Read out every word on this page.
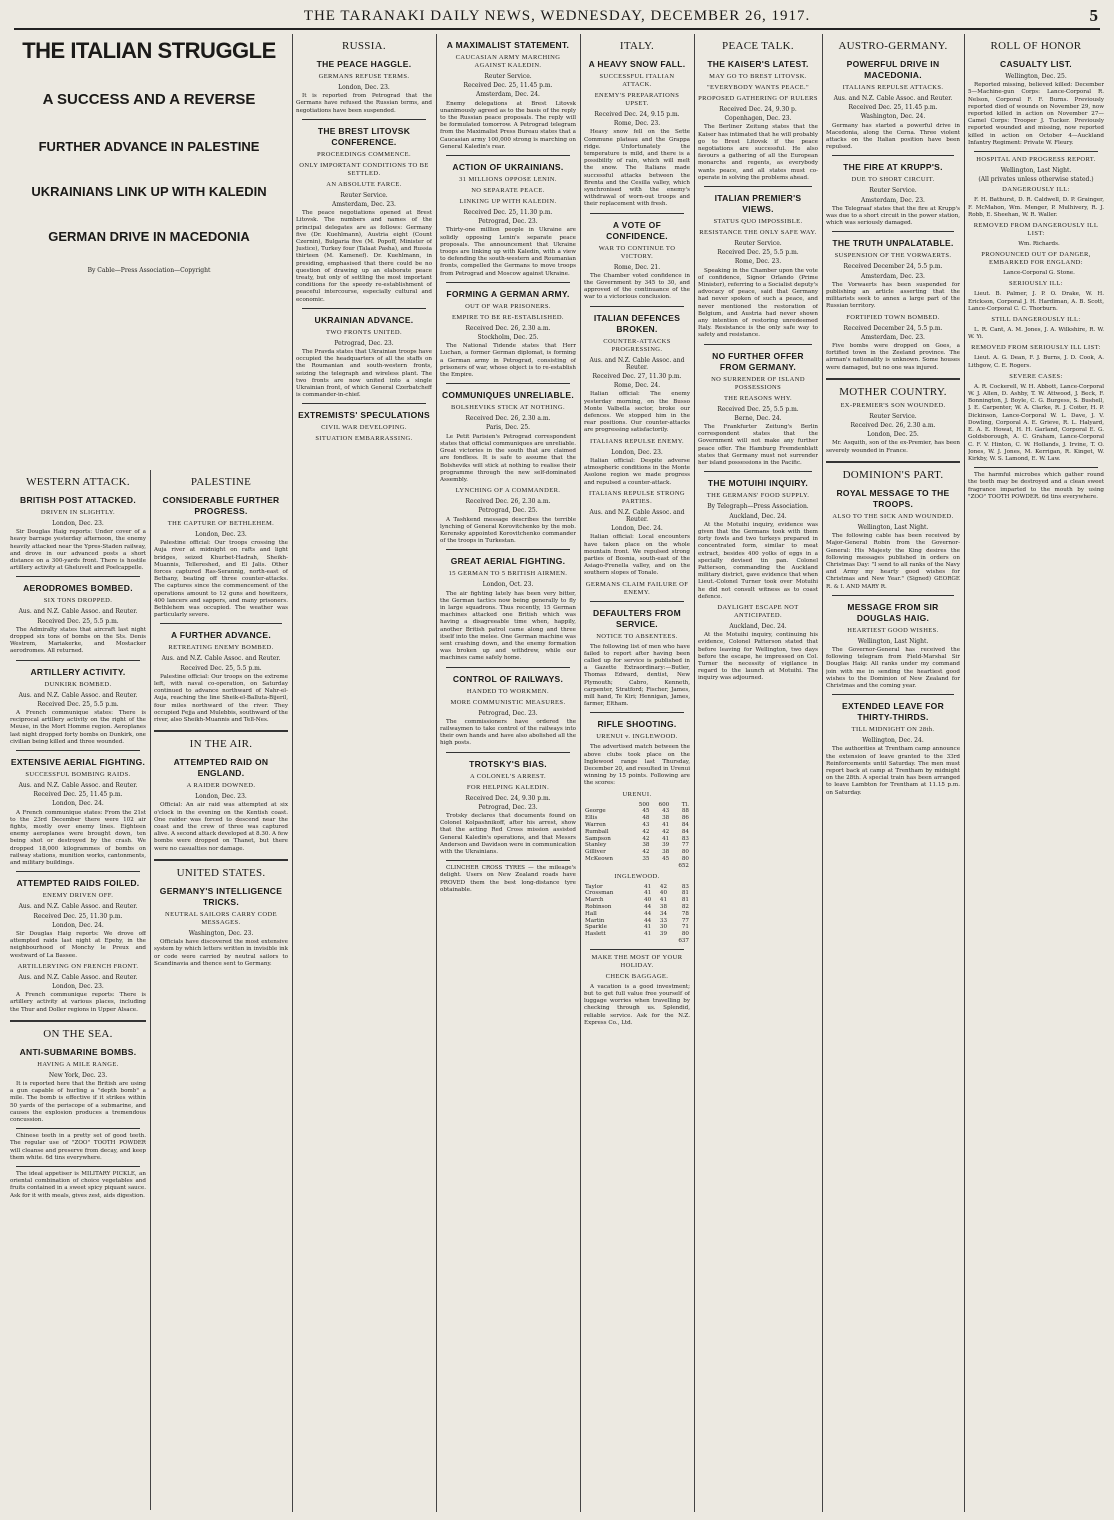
THE TARANAKI DAILY NEWS, WEDNESDAY, DECEMBER 26, 1917.	5
THE ITALIAN STRUGGLE
A SUCCESS AND A REVERSE
FURTHER ADVANCE IN PALESTINE
UKRAINIANS LINK UP WITH KALEDIN
GERMAN DRIVE IN MACEDONIA
By Cable—Press Association—Copyright
WESTERN ATTACK.
BRITISH POST ATTACKED.
DRIVEN IN SLIGHTLY.
London, Dec. 23.

Sir Douglas Haig reports: Under cover of a heavy barrage yesterday afternoon, the enemy heavily attacked near the Ypres-Staden railway, and drove in our advanced posts a short distance on a 300-yards front. There is hostile artillery activity at Gheluvelt and Poelcappelle.

AERODROMES BOMBED.
SIX TONS DROPPED.
Aus. and N.Z. Cable Assoc. and Reuter.
Received Dec. 25, 5.5 p.m.

The Admiralty states that aircraft last night dropped six tons of bombs on the Sts. Denis Westrem, Mariakerke, and Mostacker aerodromes. All returned.

ARTILLERY ACTIVITY.
DUNKIRK BOMBED.
Aus. and N.Z. Cable Assoc. and Reuter.
Received Dec. 25, 5.5 p.m.

A French communique states: There is reciprocal artillery activity on the right of the Meuse, in the Mort Homme region. Aeroplanes last night dropped forty bombs on Dunkirk, one civilian being killed and three wounded.

EXTENSIVE AERIAL FIGHTING.
SUCCESSFUL BOMBING RAIDS.
Aus. and N.Z. Cable Assoc. and Reuter.
Received Dec. 25, 11.45 p.m.
London, Dec. 24.

A French communique states: From the 21st to the 23rd December there were 102 air fights, mostly over enemy lines. Eighteen enemy aeroplanes were brought down, ten being shot or destroyed by the crash. We dropped 18,000 kilogrammes of bombs on railway stations, munition works, cantonments, and military buildings.

ATTEMPTED RAIDS FOILED.
ENEMY DRIVEN OFF.
Aus. and N.Z. Cable Assoc. and Reuter.
Received Dec. 25, 11.30 p.m.
London, Dec. 24.

Sir Douglas Haig reports: We drove off attempted raids last night at Epehy, in the neighbourhood of Monchy le Preux and westward of La Bassee.

ARTILLERYING ON FRENCH FRONT.
Aus. and N.Z. Cable Assoc. and Reuter.
London, Dec. 23.

A French communique reports: There is artillery activity at various places, including the Thur and Doller regions in Upper Alsace.

ON THE SEA.
ANTI-SUBMARINE BOMBS.
HAVING A MILE RANGE.
New York, Dec. 23.

It is reported here that the British are using a gun capable of hurling a "depth bomb" a mile. The bomb is effective if it strikes within 50 yards of the periscope of a submarine, and causes the explosion produces a tremendous concussion.

Chinese teeth in a pretty set of good teeth. The regular use of "ZOO" TOOTH POWDER will cleanse and preserve from decay, and keep them white. 6d tins everywhere.

The ideal appetiser is MILITARY PICKLE, an oriental combination of choice vegetables and fruits contained in a sweet spicy piquant sauce. Ask for it with meals, gives zest, aids digestion.

PALESTINE
CONSIDERABLE FURTHER PROGRESS.
THE CAPTURE OF BETHLEHEM.
London, Dec. 23.

Palestine official: Our troops crossing the Auja river at midnight on rafts and light bridges, seized Khurbet-Hadrah, Sheikh-Muannis, Tellereshed, and El Jalis. Other forces captured Ras-Serannig, north-east of Bethany, beating off three counter-attacks. The captures since the commencement of the operations amount to 12 guns and howitzers, 400 lancers and sappers, and many prisoners. Bethlehem was occupied. The weather was particularly severe.

A FURTHER ADVANCE.
RETREATING ENEMY BOMBED.
Aus. and N.Z. Cable Assoc. and Reuter.
Received Dec. 25, 5.5 p.m.

Palestine official: Our troops on the extreme left, with naval co-operation, on Saturday continued to advance northward of Nahr-el-Auja, reaching the line Sheik-el-Balluta-Bijeril, four miles northward of the river. They occupied Fejja and Mulebbis, southward of the river, also Sheikh-Muannis and Tell-Nes.

IN THE AIR.
ATTEMPTED RAID ON ENGLAND.
A RAIDER DOWNED.
London, Dec. 23.

Official: An air raid was attempted at six o'clock in the evening on the Kentish coast. One raider was forced to descend near the coast and the crew of three was captured alive. A second attack developed at 8.30. A few bombs were dropped on Thanet, but there were no casualties nor damage.

UNITED STATES.
GERMANY'S INTELLIGENCE TRICKS.
NEUTRAL SAILORS CARRY CODE MESSAGES.
Washington, Dec. 23.

Officials have discovered the most extensive system by which letters written in invisible ink or code were carried by neutral sailors to Scandinavia and thence sent to Germany.

RUSSIA.
THE PEACE HAGGLE.
GERMANS REFUSE TERMS.
London, Dec. 23.

It is reported from Petrograd that the Germans have refused the Russian terms, and negotiations have been suspended.

THE BREST LITOVSK CONFERENCE.
PROCEEDINGS COMMENCE.
ONLY IMPORTANT CONDITIONS TO BE SETTLED.
AN ABSOLUTE FARCE.
Reuter Service.
Amsterdam, Dec. 23.

The peace negotiations opened at Brest Litovsk. The numbers and names of the principal delegates are as follows: Germany five (Dr. Kuehlmann), Austria eight (Count Czernin), Bulgaria five (M. Popoff, Minister of Justice), Turkey four (Talaat Pasha), and Russia thirteen (M. Kamenef). Dr. Kuehlmann, in presiding, emphasised that there could be no question of drawing up an elaborate peace treaty, but only of settling the most important conditions for the speedy re-establishment of peaceful intercourse, especially cultural and economic.

UKRAINIAN ADVANCE.
TWO FRONTS UNITED.
Petrograd, Dec. 23.

The Pravda states that Ukrainian troops have occupied the headquarters of all the staffs on the Roumanian and south-western fronts, seizing the telegraph and wireless plant. The two fronts are now united into a single Ukrainian front, of which General Czerbatcheff is commander-in-chief.

EXTREMISTS' SPECULATIONS
CIVIL WAR DEVELOPING.
SITUATION EMBARRASSING.
A MAXIMALIST STATEMENT.
CAUCASIAN ARMY MARCHING AGAINST KALEDIN.
Reuter Service.
Received Dec. 25, 11.45 p.m.
Amsterdam, Dec. 24.

Enemy delegations at Brest Litovsk unanimously agreed as to the basis of the reply to the Russian peace proposals. The reply will be formulated tomorrow. A Petrograd telegram from the Maximalist Press Bureau states that a Caucasian army 100,000 strong is marching on General Kaledin's rear.

ACTION OF UKRAINIANS.
31 MILLIONS OPPOSE LENIN.
NO SEPARATE PEACE.
LINKING UP WITH KALEDIN.
Received Dec. 25, 11.30 p.m.
Petrograd, Dec. 23.

Thirty-one million people in Ukraine are solidly opposing Lenin's separate peace proposals. The announcement that Ukraine troops are linking up with Kaledin, with a view to defending the south-western and Roumanian fronts, compelled the Germans to move troops from Petrograd and Moscow against Ukraine.

FORMING A GERMAN ARMY.
OUT OF WAR PRISONERS.
EMPIRE TO BE RE-ESTABLISHED.
Received Dec. 26, 2.30 a.m.
Stockholm, Dec. 25.

The National Tidende states that Herr Luchan, a former German diplomat, is forming a German army in Petrograd, consisting of prisoners of war, whose object is to re-establish the Empire.

COMMUNIQUES UNRELIABLE.
BOLSHEVIKS STICK AT NOTHING.
Received Dec. 26, 2.30 a.m.
Paris, Dec. 25.

Le Petit Parisien's Petrograd correspondent states that official communiques are unreliable. Great victories in the south that are claimed are fondless. It is safe to assume that the Bolsheviks will stick at nothing to realise their programme through the new self-dominated Assembly.

LYNCHING OF A COMMANDER.
Received Dec. 26, 2.30 a.m.
Petrograd, Dec. 25.

A Tashkend message describes the terrible lynching of General Korovitchenko by the mob. Kerensky appointed Korovitchenko commander of the troops in Turkestan.

GREAT AERIAL FIGHTING.
15 GERMAN TO 5 BRITISH AIRMEN.
London, Oct. 23.

The air fighting lately has been very bitter, the German tactics now being generally to fly in large squadrons. Thus recently, 15 German machines attacked one British which was having a disagreeable time when, happily, another British patrol came along and three itself into the melee. One German machine was sent crashing down, and the enemy formation was broken up and withdrew, while our machines came safely home.

CONTROL OF RAILWAYS.
HANDED TO WORKMEN.
MORE COMMUNISTIC MEASURES.
Petrograd, Dec. 23.

The commissioners have ordered the railwaymen to take control of the railways into their own hands and have also abolished all the high posts.

TROTSKY'S BIAS.
A COLONEL'S ARREST.
FOR HELPING KALEDIN.
Received Dec. 24, 9.30 p.m.
Petrograd, Dec. 23.

Trotsky declares that documents found on Colonel Kolpashnikoff, after his arrest, show that the acting Red Cross mission assisted General Kaledin's operations, and that Messrs Anderson and Davidson were in communication with the Ukrainians.

CLINCHER CROSS TYRES — the mileage's delight. Users on New Zealand roads have PROVED them the best long-distance tyre obtainable.

ITALY.
A HEAVY SNOW FALL.
SUCCESSFUL ITALIAN ATTACK.
ENEMY'S PREPARATIONS UPSET.
Received Dec. 24, 9.15 p.m.
Rome, Dec. 23.

Heavy snow fell on the Sette Commune plateau and the Grappa ridge. Unfortunately the temperature is mild, and there is a possibility of rain, which will melt the snow. The Italians made successful attacks between the Brenta and the Cesilla valley, which synchronised with the enemy's withdrawal of worn-out troops and their replacement with fresh.

A VOTE OF CONFIDENCE.
WAR TO CONTINUE TO VICTORY.
Rome, Dec. 21.

The Chamber voted confidence in the Government by 345 to 30, and approved of the continuance of the war to a victorious conclusion.

ITALIAN DEFENCES BROKEN.
COUNTER-ATTACKS PROGRESSING.
Aus. and N.Z. Cable Assoc. and Reuter.
Received Dec. 27, 11.30 p.m.
Rome, Dec. 24.

Italian official: The enemy yesterday morning, on the Busso Monte Valbella sector, broke our defences. We stopped him in the rear positions. Our counter-attacks are progressing satisfactorily.

ITALIANS REPULSE ENEMY.
London, Dec. 23.

Italian official: Despite adverse atmospheric conditions in the Monte Asolone region we made progress and repulsed a counter-attack.

ITALIANS REPULSE STRONG PARTIES.
Aus. and N.Z. Cable Assoc. and Reuter.
London, Dec. 24.

Italian official: Local encounters have taken place on the whole mountain front. We repulsed strong parties of Bosnia, south-east of the Asiago-Frenella valley, and on the southern slopes of Tonale.

GERMANS CLAIM FAILURE OF ENEMY.
DEFAULTERS FROM SERVICE.
NOTICE TO ABSENTEES.

The following list of men who have failed to report after having been called up for service is published in a Gazette Extraordinary:—Butler, Thomas Edward, dentist, New Plymouth; Cabro, Kenneth, carpenter, Stratford; Fischer, James, mill hand, Te Kiri; Hennigan, James, farmer, Eltham.

RIFLE SHOOTING.
URENUI v. INGLEWOOD.

The advertised match between the above clubs took place on the Inglewood range last Thursday, December 20, and resulted in Urenui winning by 15 points. Following are the scores:

URENUI.
	500	600	Tl.
George	45	43	88
Ellis	48	38	86
Warren	43	41	84
Rumball	42	42	84
Sampson	42	41	83
Stanley	38	39	77
Gilliver	42	38	80
McKeown	35	45	80
			652
INGLEWOOD.
Taylor	41	42	83
Crossman	41	40	81
March	40	41	81
Robinson	44	38	82
Hall	44	34	78
Martin	44	33	77
Sparkle	41	30	71
Haslett	41	39	80
			637
MAKE THE MOST OF YOUR HOLIDAY.
CHECK BAGGAGE.

A vacation is a good investment; but to get full value free yourself of luggage worries when travelling by checking through us. Splendid, reliable service. Ask for the N.Z. Express Co., Ltd.

PEACE TALK.
THE KAISER'S LATEST.
MAY GO TO BREST LITOVSK.
"EVERYBODY WANTS PEACE."
PROPOSED GATHERING OF RULERS
Received Dec. 24, 9.30 p.
Copenhagen, Dec. 23.

The Berliner Zeitung states that the Kaiser has intimated that he will probably go to Brest Litovsk if the peace negotiations are successful. He also favours a gathering of all the European monarchs and regents, as everybody wants peace, and all states must co-operate in solving the problems ahead.

ITALIAN PREMIER'S VIEWS.
STATUS QUO IMPOSSIBLE.
RESISTANCE THE ONLY SAFE WAY.
Reuter Service.
Received Dec. 25, 5.5 p.m.
Rome, Dec. 23.

Speaking in the Chamber upon the vote of confidence, Signor Orlando (Prime Minister), referring to a Socialist deputy's advocacy of peace, said that Germany had never spoken of such a peace, and never mentioned the restoration of Belgium, and Austria had never shown any intention of restoring unredeemed Italy. Resistance is the only safe way to safety and resistance.

NO FURTHER OFFER FROM GERMANY.
NO SURRENDER OF ISLAND POSSESSIONS
THE REASONS WHY.
Received Dec. 25, 5.5 p.m.
Berne, Dec. 24.

The Frankfurter Zeitung's Berlin correspondent states that the Government will not make any further peace offer. The Hamburg Fremdenblatt states that Germany must not surrender her island possessions in the Pacific.

THE MOTUIHI INQUIRY.
THE GERMANS' FOOD SUPPLY.
By Telegraph—Press Association.
Auckland, Dec. 24.

At the Motuihi inquiry, evidence was given that the Germans took with them forty fowls and two turkeys prepared in concentrated form, similar to meat extract, besides 400 yolks of eggs in a specially devised tin pan. Colonel Patterson, commanding the Auckland military district, gave evidence that when Lieut.-Colonel Turner took over Motuihi he did not consult witness as to coast defence.

DAYLIGHT ESCAPE NOT ANTICIPATED.
Auckland, Dec. 24.

At the Motuihi inquiry, continuing his evidence, Colonel Patterson stated that before leaving for Wellington, two days before the escape, he impressed on Col. Turner the necessity of vigilance in regard to the launch at Motuihi. The inquiry was adjourned.

AUSTRO-GERMANY.
POWERFUL DRIVE IN MACEDONIA.
ITALIANS REPULSE ATTACKS.
Aus. and N.Z. Cable Assoc. and Reuter.
Received Dec. 25, 11.45 p.m.
Washington, Dec. 24.

Germany has started a powerful drive in Macedonia, along the Cerna. Three violent attacks on the Italian position have been repulsed.

THE FIRE AT KRUPP'S.
DUE TO SHORT CIRCUIT.
Reuter Service.
Amsterdam, Dec. 23.

The Telegraaf states that the fire at Krupp's was due to a short circuit in the power station, which was seriously damaged.

THE TRUTH UNPALATABLE.
SUSPENSION OF THE VORWAERTS.
Received December 24, 5.5 p.m.
Amsterdam, Dec. 23.

The Vorwaerts has been suspended for publishing an article asserting that the militarists seek to annex a large part of the Russian territory.

FORTIFIED TOWN BOMBED.
Received December 24, 5.5 p.m.
Amsterdam, Dec. 23.

Five bombs were dropped on Goes, a fortified town in the Zeeland province. The airman's nationality is unknown. Some houses were damaged, but no one was injured.

MOTHER COUNTRY.
EX-PREMIER'S SON WOUNDED.
Reuter Service.
Received Dec. 26, 2.30 a.m.
London, Dec. 25.

Mr. Asquith, son of the ex-Premier, has been severely wounded in France.

DOMINION'S PART.
ROYAL MESSAGE TO THE TROOPS.
ALSO TO THE SICK AND WOUNDED.
Wellington, Last Night.

The following cable has been received by Major-General Robin from the Governor-General: His Majesty the King desires the following messages published in orders on Christmas Day: "I send to all ranks of the Navy and Army my hearty good wishes for Christmas and New Year." (Signed) GEORGE R. & I. AND MARY R.

MESSAGE FROM SIR DOUGLAS HAIG.
HEARTIEST GOOD WISHES.
Wellington, Last Night.

The Governor-General has received the following telegram from Field-Marshal Sir Douglas Haig: All ranks under my command join with me in sending the heartiest good wishes to the Dominion of New Zealand for Christmas and the coming year.

EXTENDED LEAVE FOR THIRTY-THIRDS.
TILL MIDNIGHT ON 28th.
Wellington, Dec. 24.

The authorities at Trentham camp announce the extension of leave granted to the 33rd Reinforcements until Saturday. The men must report back at camp at Trentham by midnight on the 28th. A special train has been arranged to leave Lambton for Trentham at 11.15 p.m. on Saturday.

ROLL OF HONOR
CASUALTY LIST.
Wellington, Dec. 25.

Reported missing, believed killed: December 5—Machine-gun Corps: Lance-Corporal R. Nelson, Corporal F. F. Burns. Previously reported died of wounds on November 29, now reported killed in action on November 27—Camel Corps: Trooper J. Tucker. Previously reported wounded and missing, now reported killed in action on October 4—Auckland Infantry Regiment: Private W. Fleury.

HOSPITAL AND PROGRESS REPORT.
Wellington, Last Night.
(All privates unless otherwise stated.)
DANGEROUSLY ILL:

F. H. Bathurst, D. R. Caldwell, D. P. Grainger, F. McMahon, Wm. Menger, P. Mulhivery, R. J. Robb, E. Sheehan, W. R. Waller.

REMOVED FROM DANGEROUSLY ILL LIST:

Wm. Richards.

PRONOUNCED OUT OF DANGER, EMBARKED FOR ENGLAND:

Lance-Corporal G. Stone.

SERIOUSLY ILL:

Lieut. B. Palmer, J. P. O. Drake, W. H. Erickson, Corporal J. H. Hardiman, A. B. Scott, Lance-Corporal C. C. Thorburn.

STILL DANGEROUSLY ILL:

L. R. Cant, A. M. Jones, J. A. Wilkshire, R. W. W. Yi.

REMOVED FROM SERIOUSLY ILL LIST:

Lieut. A. G. Dean, F. J. Burns, J. D. Cook, A. Lithgow, C. E. Rogers.

SEVERE CASES:

A. R. Cockerell, W. H. Abbott, Lance-Corporal W. J. Allen, D. Ashby, T. W. Attwood, J. Beck, F. Bonnington, J. Boyle, C. G. Burgess, S. Bushell, J. E. Carpenter, W. A. Clarke, R. J. Coiter, H. P. Dickinson, Lance-Corporal W. L. Dave, J. V. Dowling, Corporal A. E. Grieve, R. L. Halyard, E. A. E. Howat, H. H. Garland, Corporal E. G. Goldsborough, A. C. Graham, Lance-Corporal C. F. V. Hinton, C. W. Hollands, J. Irvine, T. O. Jones, W. J. Jones, M. Kerrigan, R. Kinget, W. Kirkby, W. S. Lamond, E. W. Law.

The harmful microbes which gather round the teeth may be destroyed and a clean sweet fragrance imparted to the mouth by using "ZOO" TOOTH POWDER. 6d tins everywhere.
